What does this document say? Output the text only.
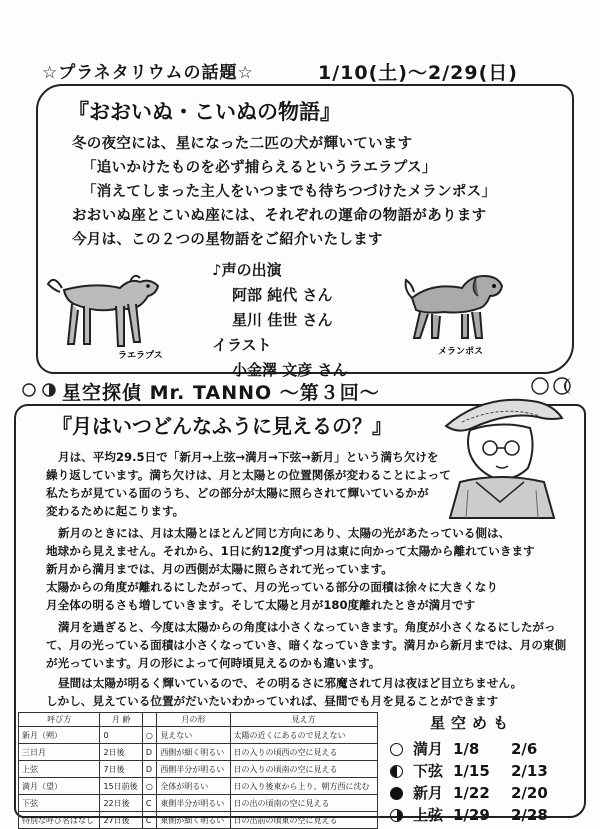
☆プラネタリウムの話題☆	1/10(土)～2/29(日)
『おおいぬ・こいぬの物語』
冬の夜空には、星になった二匹の犬が輝いています
「追いかけたものを必ず捕らえるというラエラプス」
「消えてしまった主人をいつまでも待ちつづけたメランポス」
おおいぬ座とこいぬ座には、それぞれの運命の物語があります
今月は、この２つの星物語をご紹介いたします
♪声の出演
阿部 純代 さん
星川 佳世 さん
イラスト
小金澤 文彦 さん
ラエラプス	メランポス
星空探偵 Mr. TANNO ～第３回～
『月はいつどんなふうに見えるの？』
月は、平均29.5日で「新月→上弦→満月→下弦→新月」という満ち欠けを
繰り返しています。満ち欠けは、月と太陽との位置関係が変わることによって
私たちが見ている面のうち、どの部分が太陽に照らされて輝いているかが
変わるために起こります。
新月のときには、月は太陽とほとんど同じ方向にあり、太陽の光があたっている側は、
地球から見えません。それから、1日に約12度ずつ月は東に向かって太陽から離れていきます
新月から満月までは、月の西側が太陽に照らされて光っています。
太陽からの角度が離れるにしたがって、月の光っている部分の面積は徐々に大きくなり
月全体の明るさも増していきます。そして太陽と月が180度離れたときが満月です
満月を過ぎると、今度は太陽からの角度は小さくなっていきます。角度が小さくなるにしたがっ
て、月の光っている面積は小さくなっていき、暗くなっていきます。満月から新月までは、月の東側
が光っています。月の形によって何時頃見えるのかも違います。
昼間は太陽が明るく輝いているので、その明るさに邪魔されて月は夜ほど目立ちません。
しかし、見えている位置がだいたいわかっていれば、昼間でも月を見ることができます
呼び方	月 齢		月の形	見え方
新月（朔）	0	○	見えない	太陽の近くにあるので見えない
三日月	2日後	D	西側が細く明るい	日の入りの頃西の空に見える
上弦	7日後	D	西側半分が明るい	日の入りの頃南の空に見える
満月（望）	15日前後	○	全体が明るい	日の入り後東から上り、朝方西に沈む
下弦	22日後	C	東側半分が明るい	日の出の頃南の空に見える
特別な呼び名はなし	27日後	C	東側が細く明るい	日の出前の頃東の空に見える
星空めも
満月 1/8 2/6
下弦 1/15 2/13
新月 1/22 2/20
上弦 1/29 2/28
